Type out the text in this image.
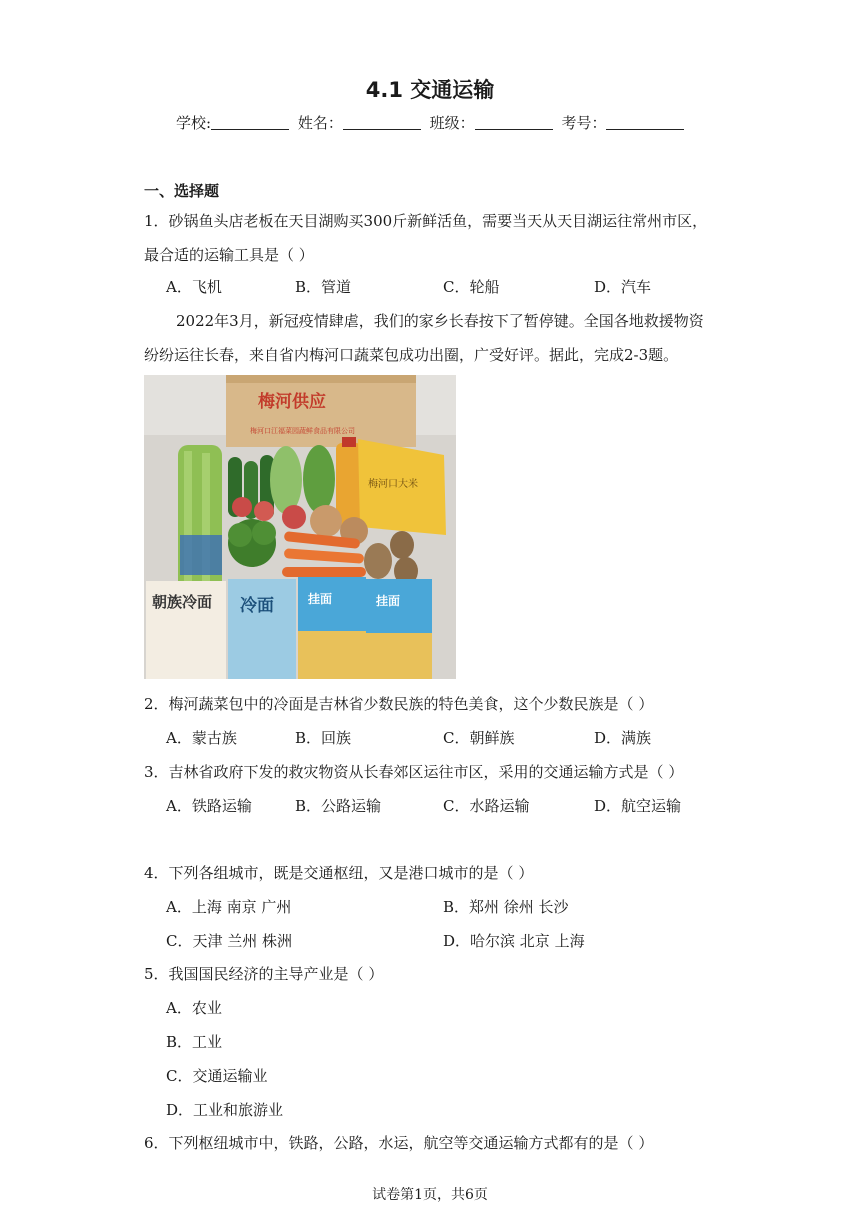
4.1 交通运输
学校:	姓名：	班级：	考号：
一、选择题
1．砂锅鱼头店老板在天目湖购买300斤新鲜活鱼，需要当天从天目湖运往常州市区，
最合适的运输工具是（ ）
A．飞机	B．管道	C．轮船	D．汽车
2022年3月，新冠疫情肆虐，我们的家乡长春按下了暂停键。全国各地救援物资
纷纷运往长春，来自省内梅河口蔬菜包成功出圈，广受好评。据此，完成2-3题。
梅河供应
梅河口江福菜园蔬鲜食品有限公司
梅河口大米
朝族冷面 冷面	挂面	挂面
2．梅河蔬菜包中的冷面是吉林省少数民族的特色美食，这个少数民族是（ ）
A．蒙古族	B．回族	C．朝鲜族	D．满族
3．吉林省政府下发的救灾物资从长春郊区运往市区，采用的交通运输方式是（ ）
A．铁路运输	B．公路运输	C．水路运输	D．航空运输
4．下列各组城市，既是交通枢纽，又是港口城市的是（ ）
A．上海 南京 广州	B．郑州 徐州 长沙
C．天津 兰州 株洲	D．哈尔滨 北京 上海
5．我国国民经济的主导产业是（ ）
A．农业
B．工业
C．交通运输业
D．工业和旅游业
6．下列枢纽城市中，铁路，公路，水运，航空等交通运输方式都有的是（ ）
试卷第1页，共6页
